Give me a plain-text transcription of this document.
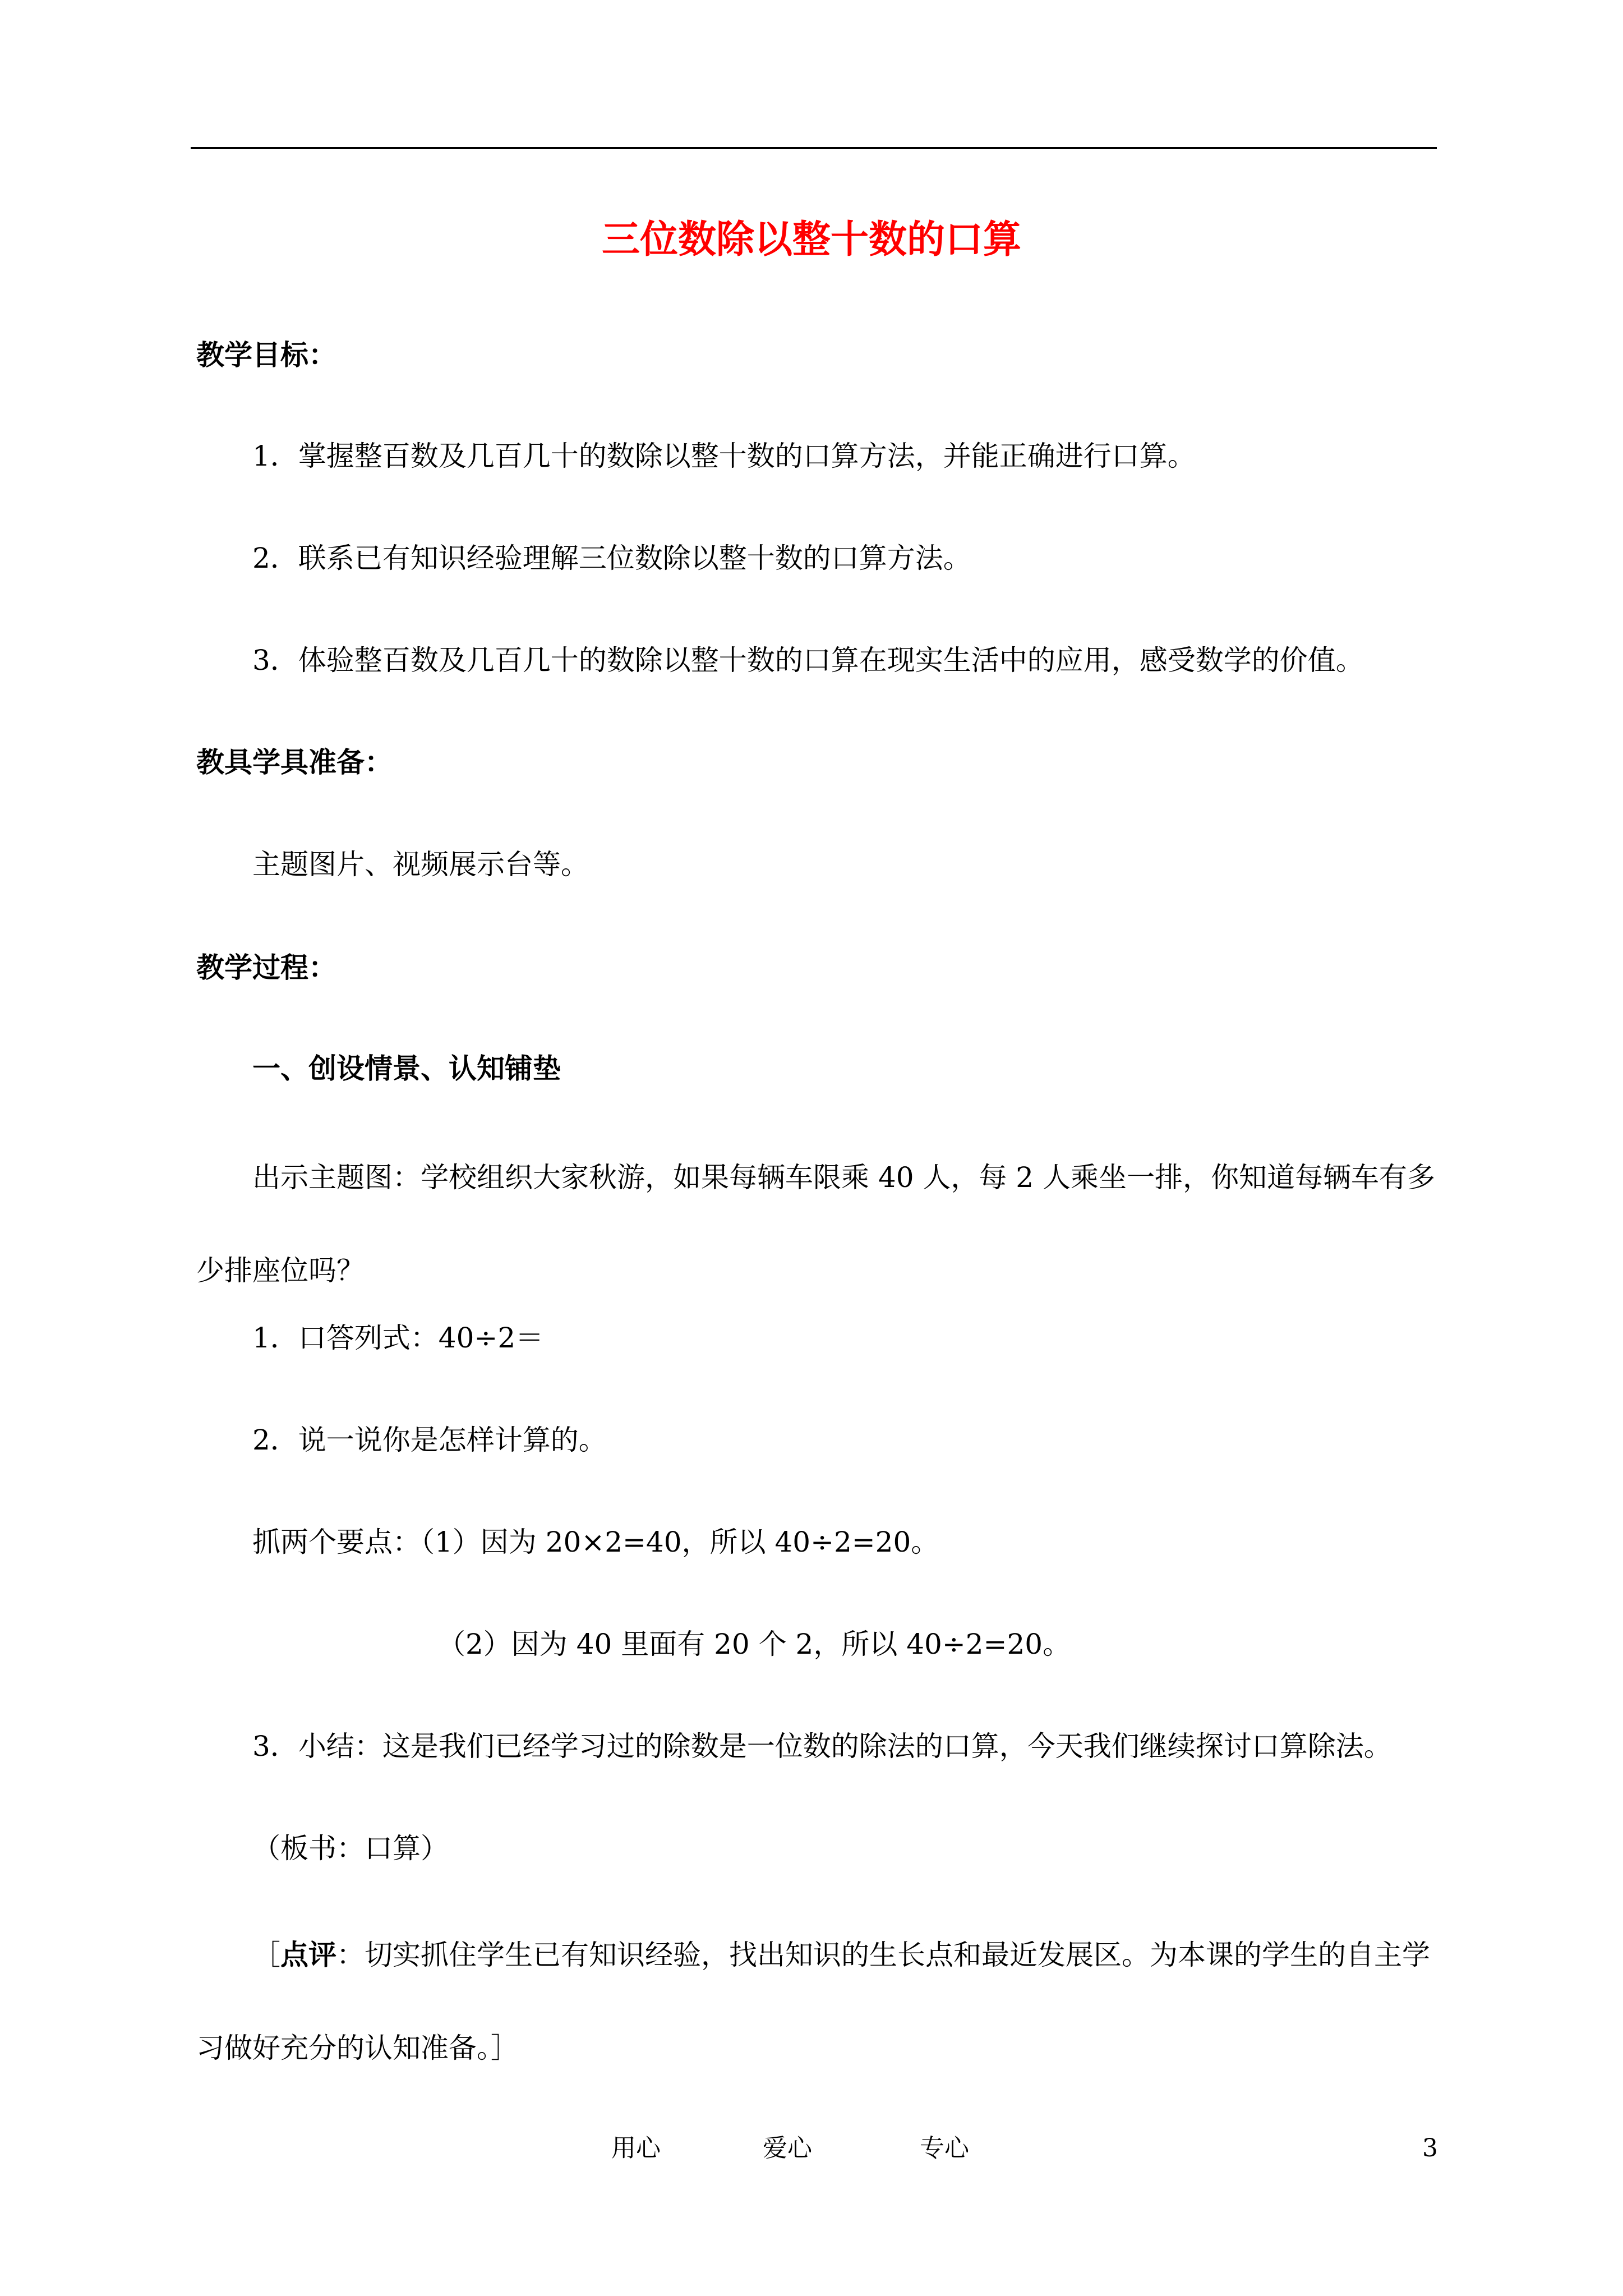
三位数除以整十数的口算
教学目标：
1．掌握整百数及几百几十的数除以整十数的口算方法，并能正确进行口算。
2．联系已有知识经验理解三位数除以整十数的口算方法。
3．体验整百数及几百几十的数除以整十数的口算在现实生活中的应用，感受数学的价值。
教具学具准备：
主题图片、视频展示台等。
教学过程：
一、创设情景、认知铺垫
出示主题图：学校组织大家秋游，如果每辆车限乘 40 人，每 2 人乘坐一排，你知道每辆车有多少排座位吗？
1．口答列式：40÷2＝
2．说一说你是怎样计算的。
抓两个要点：（1）因为 20×2=40，所以 40÷2=20。
（2）因为 40 里面有 20 个 2，所以 40÷2=20。
3．小结：这是我们已经学习过的除数是一位数的除法的口算，今天我们继续探讨口算除法。
（板书：口算）
［点评：切实抓住学生已有知识经验，找出知识的生长点和最近发展区。为本课的学生的自主学习做好充分的认知准备。］
用心	爱心	专心	3
